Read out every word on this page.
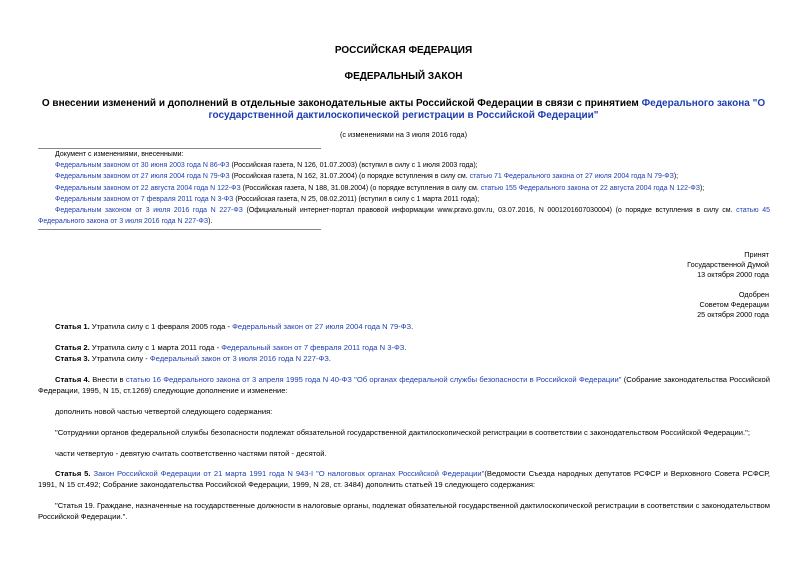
РОССИЙСКАЯ ФЕДЕРАЦИЯ
ФЕДЕРАЛЬНЫЙ ЗАКОН
О внесении изменений и дополнений в отдельные законодательные акты Российской Федерации в связи с принятием Федерального закона "О государственной дактилоскопической регистрации в Российской Федерации"
(с изменениями на 3 июля 2016 года)
Документ с изменениями, внесенными:
Федеральным законом от 30 июня 2003 года N 86-ФЗ (Российская газета, N 126, 01.07.2003) (вступил в силу с 1 июля 2003 года);
Федеральным законом от 27 июля 2004 года N 79-ФЗ (Российская газета, N 162, 31.07.2004) (о порядке вступления в силу см. статью 71 Федерального закона от 27 июля 2004 года N 79-ФЗ);
Федеральным законом от 22 августа 2004 года N 122-ФЗ (Российская газета, N 188, 31.08.2004) (о порядке вступления в силу см. статью 155 Федерального закона от 22 августа 2004 года N 122-ФЗ);
Федеральным законом от 7 февраля 2011 года N 3-ФЗ (Российская газета, N 25, 08.02.2011) (вступил в силу с 1 марта 2011 года);
Федеральным законом от 3 июля 2016 года N 227-ФЗ (Официальный интернет-портал правовой информации www.pravo.gov.ru, 03.07.2016, N 0001201607030004) (о порядке вступления в силу см. статью 45 Федерального закона от 3 июля 2016 года N 227-ФЗ).
Принят
Государственной Думой
13 октября 2000 года
Одобрен
Советом Федерации
25 октября 2000 года
Статья 1. Утратила силу с 1 февраля 2005 года - Федеральный закон от 27 июля 2004 года N 79-ФЗ.
Статья 2. Утратила силу с 1 марта 2011 года - Федеральный закон от 7 февраля 2011 года N 3-ФЗ.
Статья 3. Утратила силу - Федеральный закон от 3 июля 2016 года N 227-ФЗ.
Статья 4. Внести в статью 16 Федерального закона от 3 апреля 1995 года N 40-ФЗ "Об органах федеральной службы безопасности в Российской Федерации" (Собрание законодательства Российской Федерации, 1995, N 15, ст.1269) следующие дополнение и изменение:
дополнить новой частью четвертой следующего содержания:
"Сотрудники органов федеральной службы безопасности подлежат обязательной государственной дактилоскопической регистрации в соответствии с законодательством Российской Федерации.";
части четвертую - девятую считать соответственно частями пятой - десятой.
Статья 5. Закон Российской Федерации от 21 марта 1991 года N 943-I "О налоговых органах Российской Федерации"(Ведомости Съезда народных депутатов РСФСР и Верховного Совета РСФСР, 1991, N 15 ст.492; Собрание законодательства Российской Федерации, 1999, N 28, ст. 3484) дополнить статьей 19 следующего содержания:
"Статья 19. Граждане, назначенные на государственные должности в налоговые органы, подлежат обязательной государственной дактилоскопической регистрации в соответствии с законодательством Российской Федерации.".
